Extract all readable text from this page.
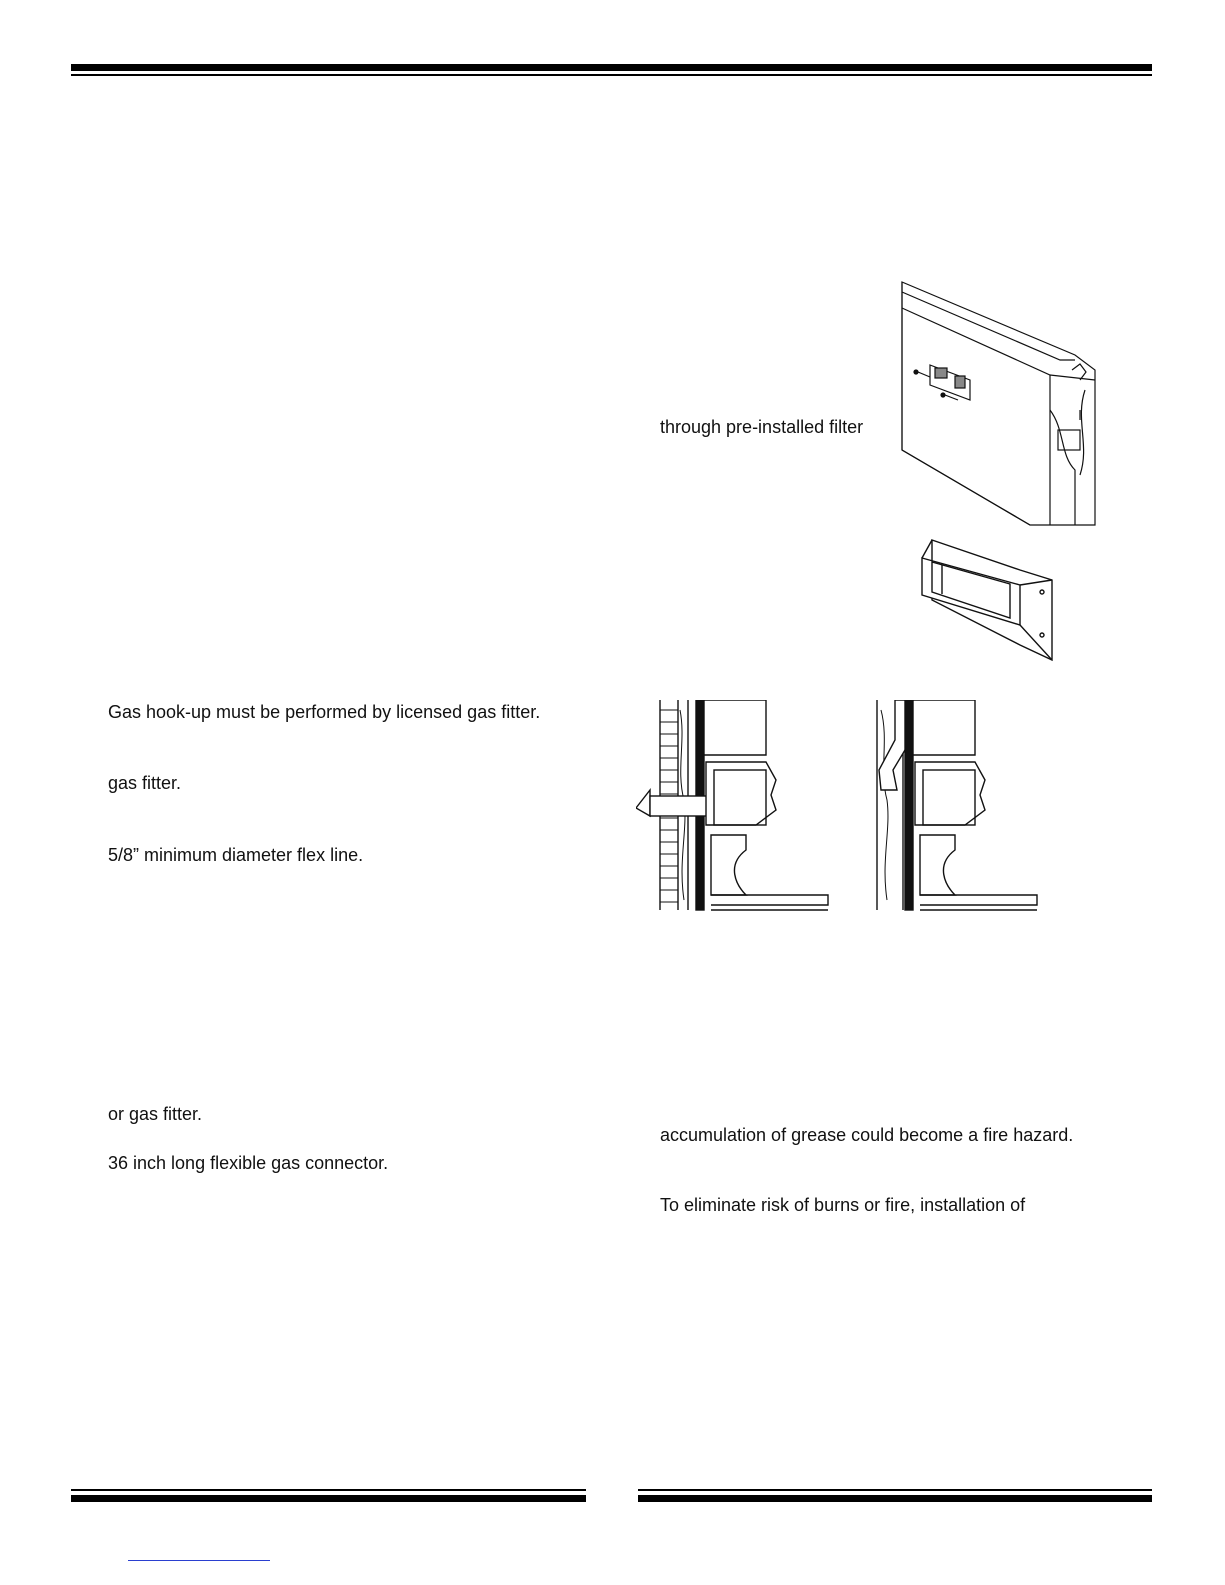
through pre-installed filter
Gas hook-up must be performed by licensed gas fitter.
gas fitter.
5/8” minimum diameter flex line.
or gas fitter.
36 inch long flexible gas connector.
accumulation of grease could become a fire hazard.
To eliminate risk of burns or fire, installation of
